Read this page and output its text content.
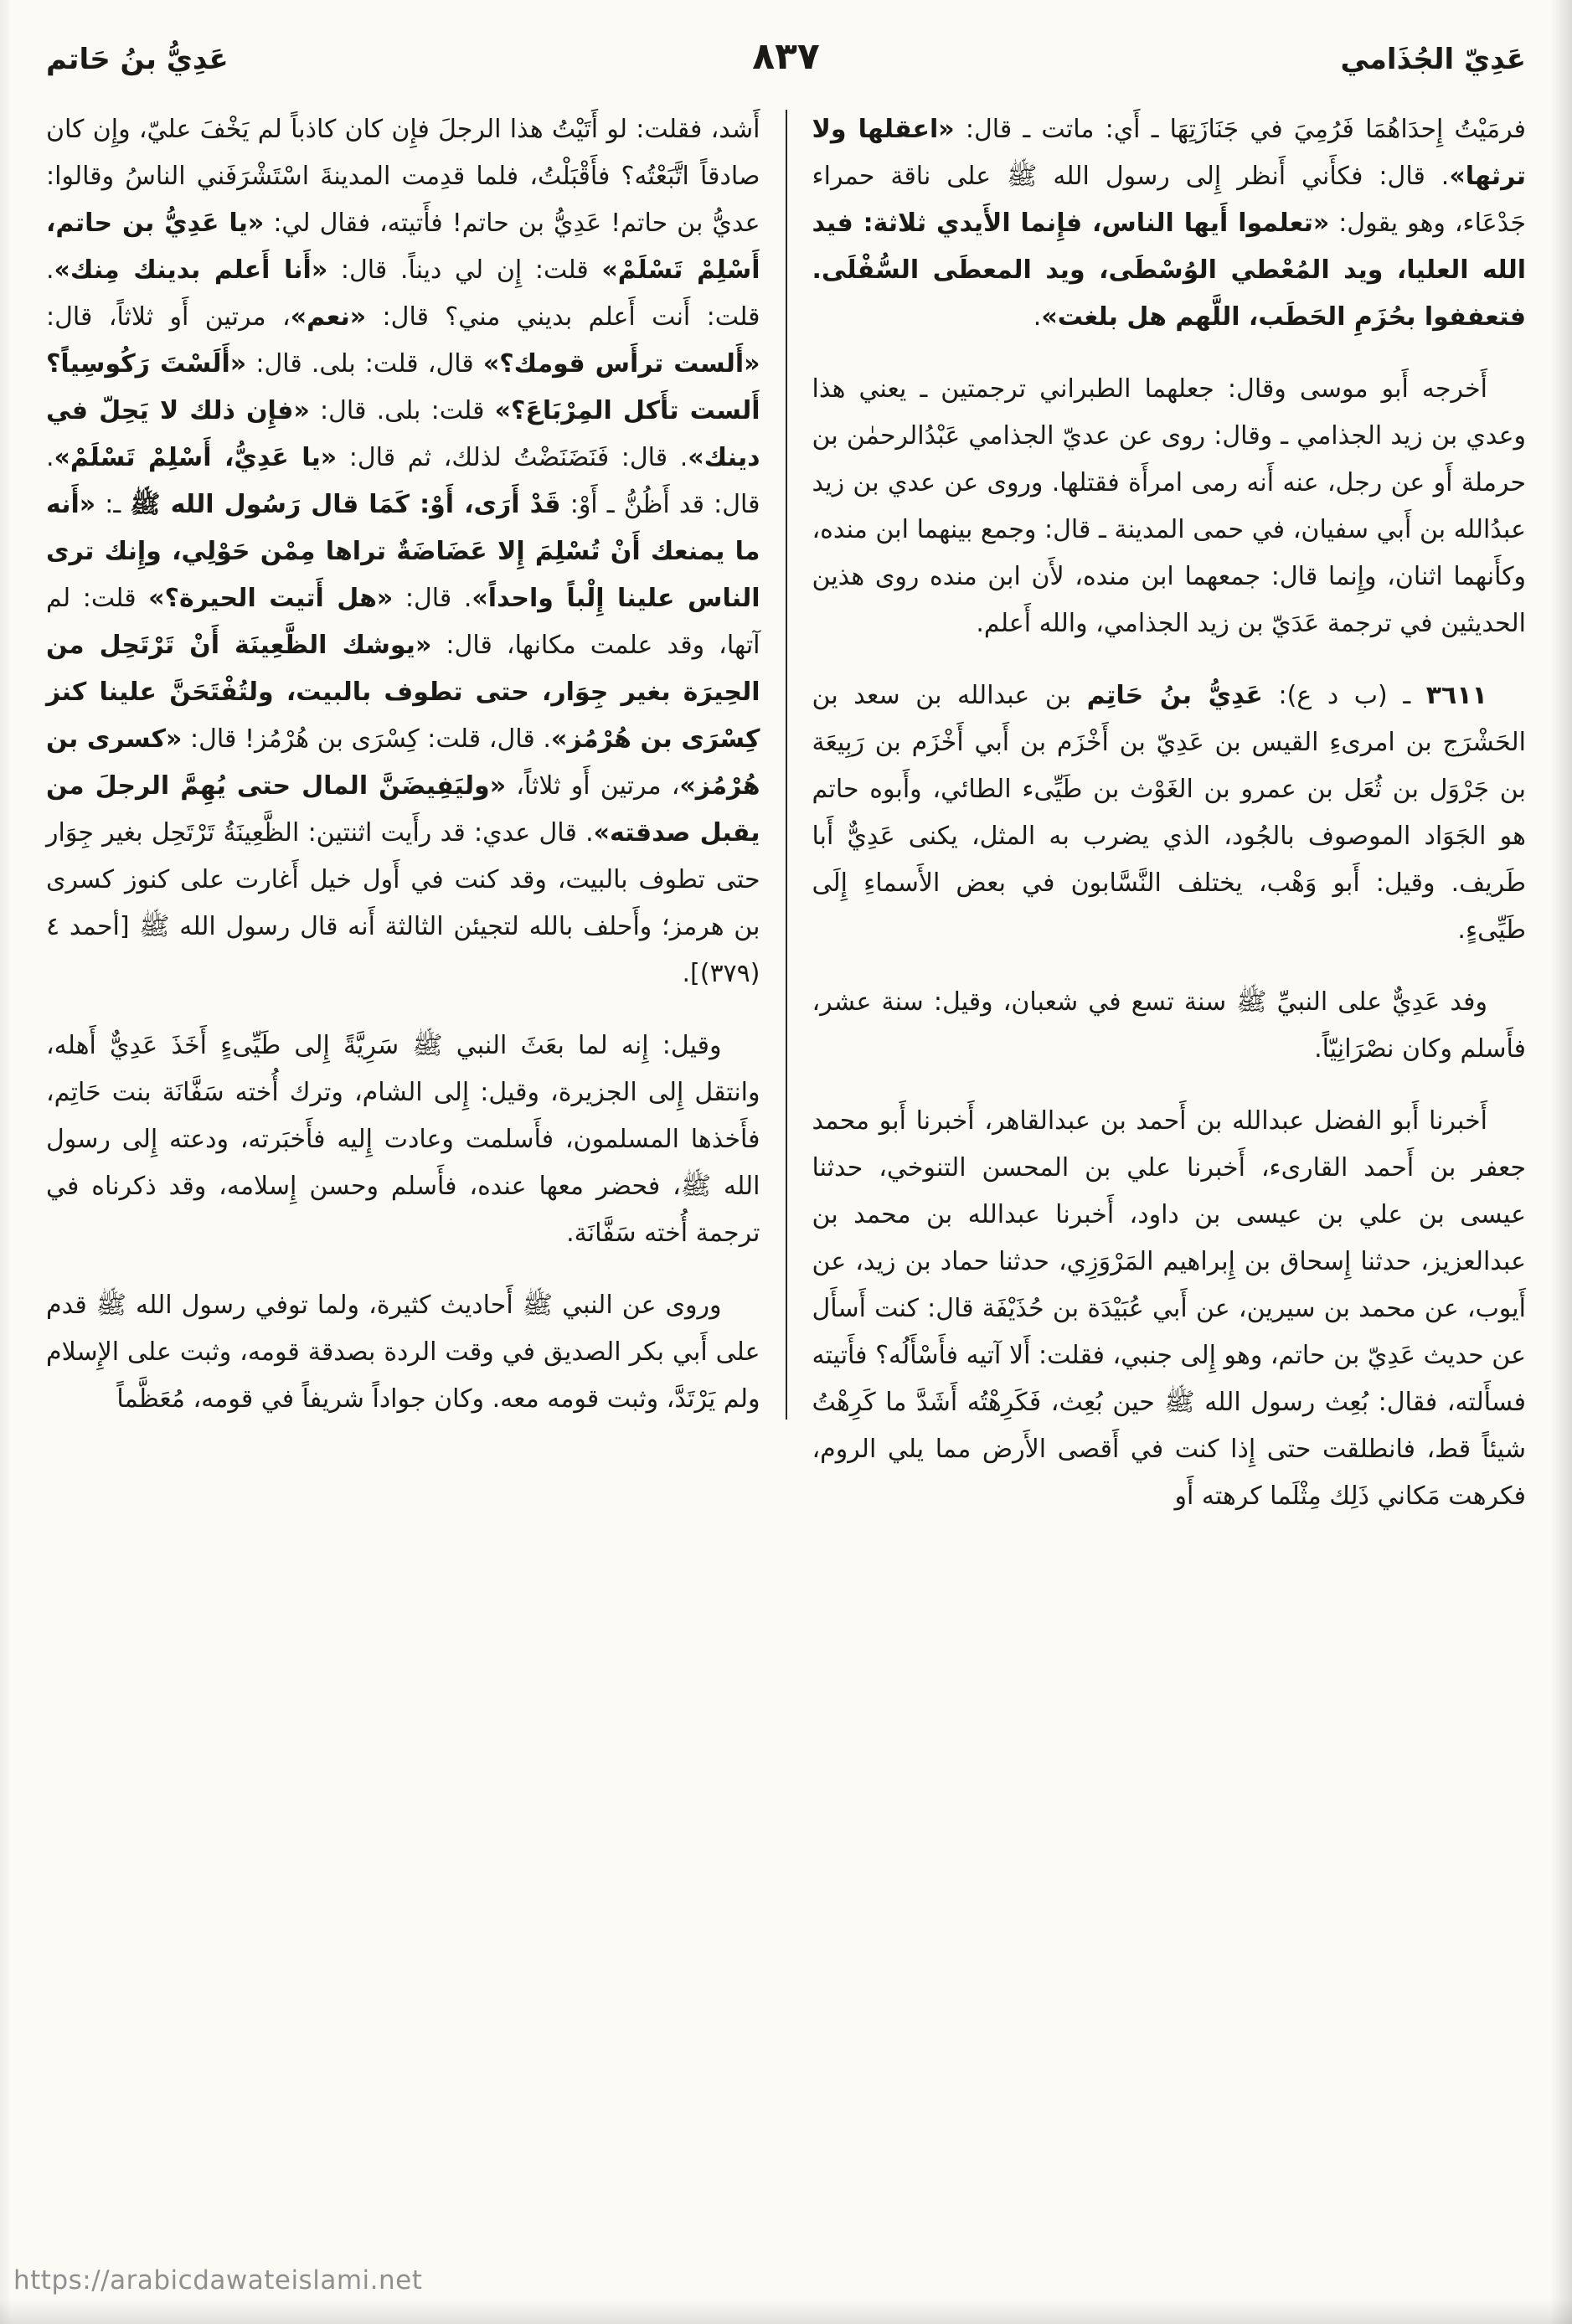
عَدِيّ الجُذَامي
٨٣٧
عَدِيُّ بنُ حَاتم

فرمَيْتُ إِحدَاهُمَا فَرُمِيَ في جَنَازَتِهَا ـ أَي: ماتت ـ قال: «اعقلها ولا ترثها». قال: فكأَني أَنظر إِلى رسول الله ﷺ على ناقة حمراء جَدْعَاء، وهو يقول: «تعلموا أَيها الناس، فإِنما الأَيدي ثلاثة: فيد الله العليا، ويد المُعْطي الوُسْطَى، ويد المعطَى السُّفْلَى. فتعففوا بحُزَمِ الحَطَب، اللَّهم هل بلغت».

أَخرجه أَبو موسى وقال: جعلهما الطبراني ترجمتين ـ يعني هذا وعدي بن زيد الجذامي ـ وقال: روى عن عديّ الجذامي عَبْدُالرحمٰن بن حرملة أَو عن رجل، عنه أَنه رمى امرأَة فقتلها. وروى عن عدي بن زيد عبدُالله بن أَبي سفيان، في حمى المدينة ـ قال: وجمع بينهما ابن منده، وكأَنهما اثنان، وإِنما قال: جمعهما ابن منده، لأَن ابن منده روى هذين الحديثين في ترجمة عَدَيّ بن زيد الجذامي، والله أَعلم.

٣٦١١ ـ (ب د ع): عَدِيُّ بنُ حَاتِم بن عبدالله بن سعد بن الحَشْرَج بن امرىءِ القيس بن عَدِيّ بن أَخْزَم بن أَبي أَخْزَم بن رَبِيعَة بن جَرْوَل بن ثُعَل بن عمرو بن الغَوْث بن طَيِّىء الطائي، وأَبوه حاتم هو الجَوَاد الموصوف بالجُود، الذي يضرب به المثل، يكنى عَدِيٌّ أَبا طَريف. وقيل: أَبو وَهْب، يختلف النَّسَّابون في بعض الأَسماءِ إِلَى طَيِّىءٍ.

وفد عَدِيٌّ على النبيِّ ﷺ سنة تسع في شعبان، وقيل: سنة عشر، فأَسلم وكان نصْرَانِيّاً.

أَخبرنا أَبو الفضل عبدالله بن أَحمد بن عبدالقاهر، أَخبرنا أَبو محمد جعفر بن أَحمد القارىء، أَخبرنا علي بن المحسن التنوخي، حدثنا عيسى بن علي بن عيسى بن داود، أَخبرنا عبدالله بن محمد بن عبدالعزيز، حدثنا إِسحاق بن إِبراهيم المَرْوَزِي، حدثنا حماد بن زيد، عن أَيوب، عن محمد بن سيرين، عن أَبي عُبَيْدَة بن حُذَيْفَة قال: كنت أَسأَل عن حديث عَدِيّ بن حاتم، وهو إِلى جنبي، فقلت: أَلا آتيه فأَسْأَلُه؟ فأَتيته فسأَلته، فقال: بُعِث رسول الله ﷺ حين بُعِث، فَكَرِهْتُه أَشَدَّ ما كَرِهْتُ شيئاً قط، فانطلقت حتى إِذا كنت في أَقصى الأَرض مما يلي الروم، فكرهت مَكاني ذَلِك مِثْلَما كرهته أَو

أَشد، فقلت: لو أَتَيْتُ هذا الرجلَ فإِن كان كاذباً لم يَخْفَ عليّ، وإِن كان صادقاً اتَّبَعْتُه؟ فأَقْبَلْتُ، فلما قدِمت المدينةَ اسْتَشْرَفَني الناسُ وقالوا: عديُّ بن حاتم! عَدِيُّ بن حاتم! فأَتيته، فقال لي: «يا عَدِيُّ بن حاتم، أَسْلِمْ تَسْلَمْ» قلت: إِن لي ديناً. قال: «أَنا أَعلم بدينك مِنك». قلت: أَنت أَعلم بديني مني؟ قال: «نعم»، مرتين أَو ثلاثاً، قال: «أَلست ترأَس قومك؟» قال، قلت: بلى. قال: «أَلَسْتَ رَكُوسِياً؟ أَلست تأَكل المِرْبَاعَ؟» قلت: بلى. قال: «فإِن ذلك لا يَحِلّ في دينك». قال: فَنَضَنَضْتُ لذلك، ثم قال: «يا عَدِيُّ، أَسْلِمْ تَسْلَمْ». قال: قد أَظُنُّ ـ أَوْ: قَدْ أَرَى، أَوْ: كَمَا قال رَسُول الله ﷺ ـ: «أَنه ما يمنعك أَنْ تُسْلِمَ إِلا عَضَاضَةٌ تراها مِمْن حَوْلِي، وإِنك ترى الناس علينا إِلْباً واحداً». قال: «هل أَتيت الحيرة؟» قلت: لم آتها، وقد علمت مكانها، قال: «يوشك الظَّعِينَة أَنْ تَرْتَحِل من الحِيرَة بغير جِوَار، حتى تطوف بالبيت، ولتُفْتَحَنَّ علينا كنز كِسْرَى بن هُرْمُز». قال، قلت: كِسْرَى بن هُرْمُز! قال: «كسرى بن هُرْمُز»، مرتين أَو ثلاثاً، «وليَفِيضَنَّ المال حتى يُهِمَّ الرجلَ من يقبل صدقته». قال عدي: قد رأَيت اثنتين: الظَّعِينَةُ تَرْتَحِل بغير جِوَار حتى تطوف بالبيت، وقد كنت في أَول خيل أَغارت على كنوز كسرى بن هرمز؛ وأَحلف بالله لتجيئن الثالثة أَنه قال رسول الله ﷺ [أحمد ٤ (٣٧٩)].

وقيل: إِنه لما بعَثَ النبي ﷺ سَرِيَّةً إِلى طَيِّىءٍ أَخَذَ عَدِيٌّ أَهله، وانتقل إِلى الجزيرة، وقيل: إِلى الشام، وترك أُخته سَفَّانَة بنت حَاتِم، فأَخذها المسلمون، فأَسلمت وعادت إِليه فأَخبَرته، ودعته إِلى رسول الله ﷺ، فحضر معها عنده، فأَسلم وحسن إِسلامه، وقد ذكرناه في ترجمة أُخته سَفَّانَة.

وروى عن النبي ﷺ أَحاديث كثيرة، ولما توفي رسول الله ﷺ قدم على أَبي بكر الصديق في وقت الردة بصدقة قومه، وثبت على الإِسلام ولم يَرْتَدَّ، وثبت قومه معه. وكان جواداً شريفاً في قومه، مُعَظَّماً

https://arabicdawateislami.net
